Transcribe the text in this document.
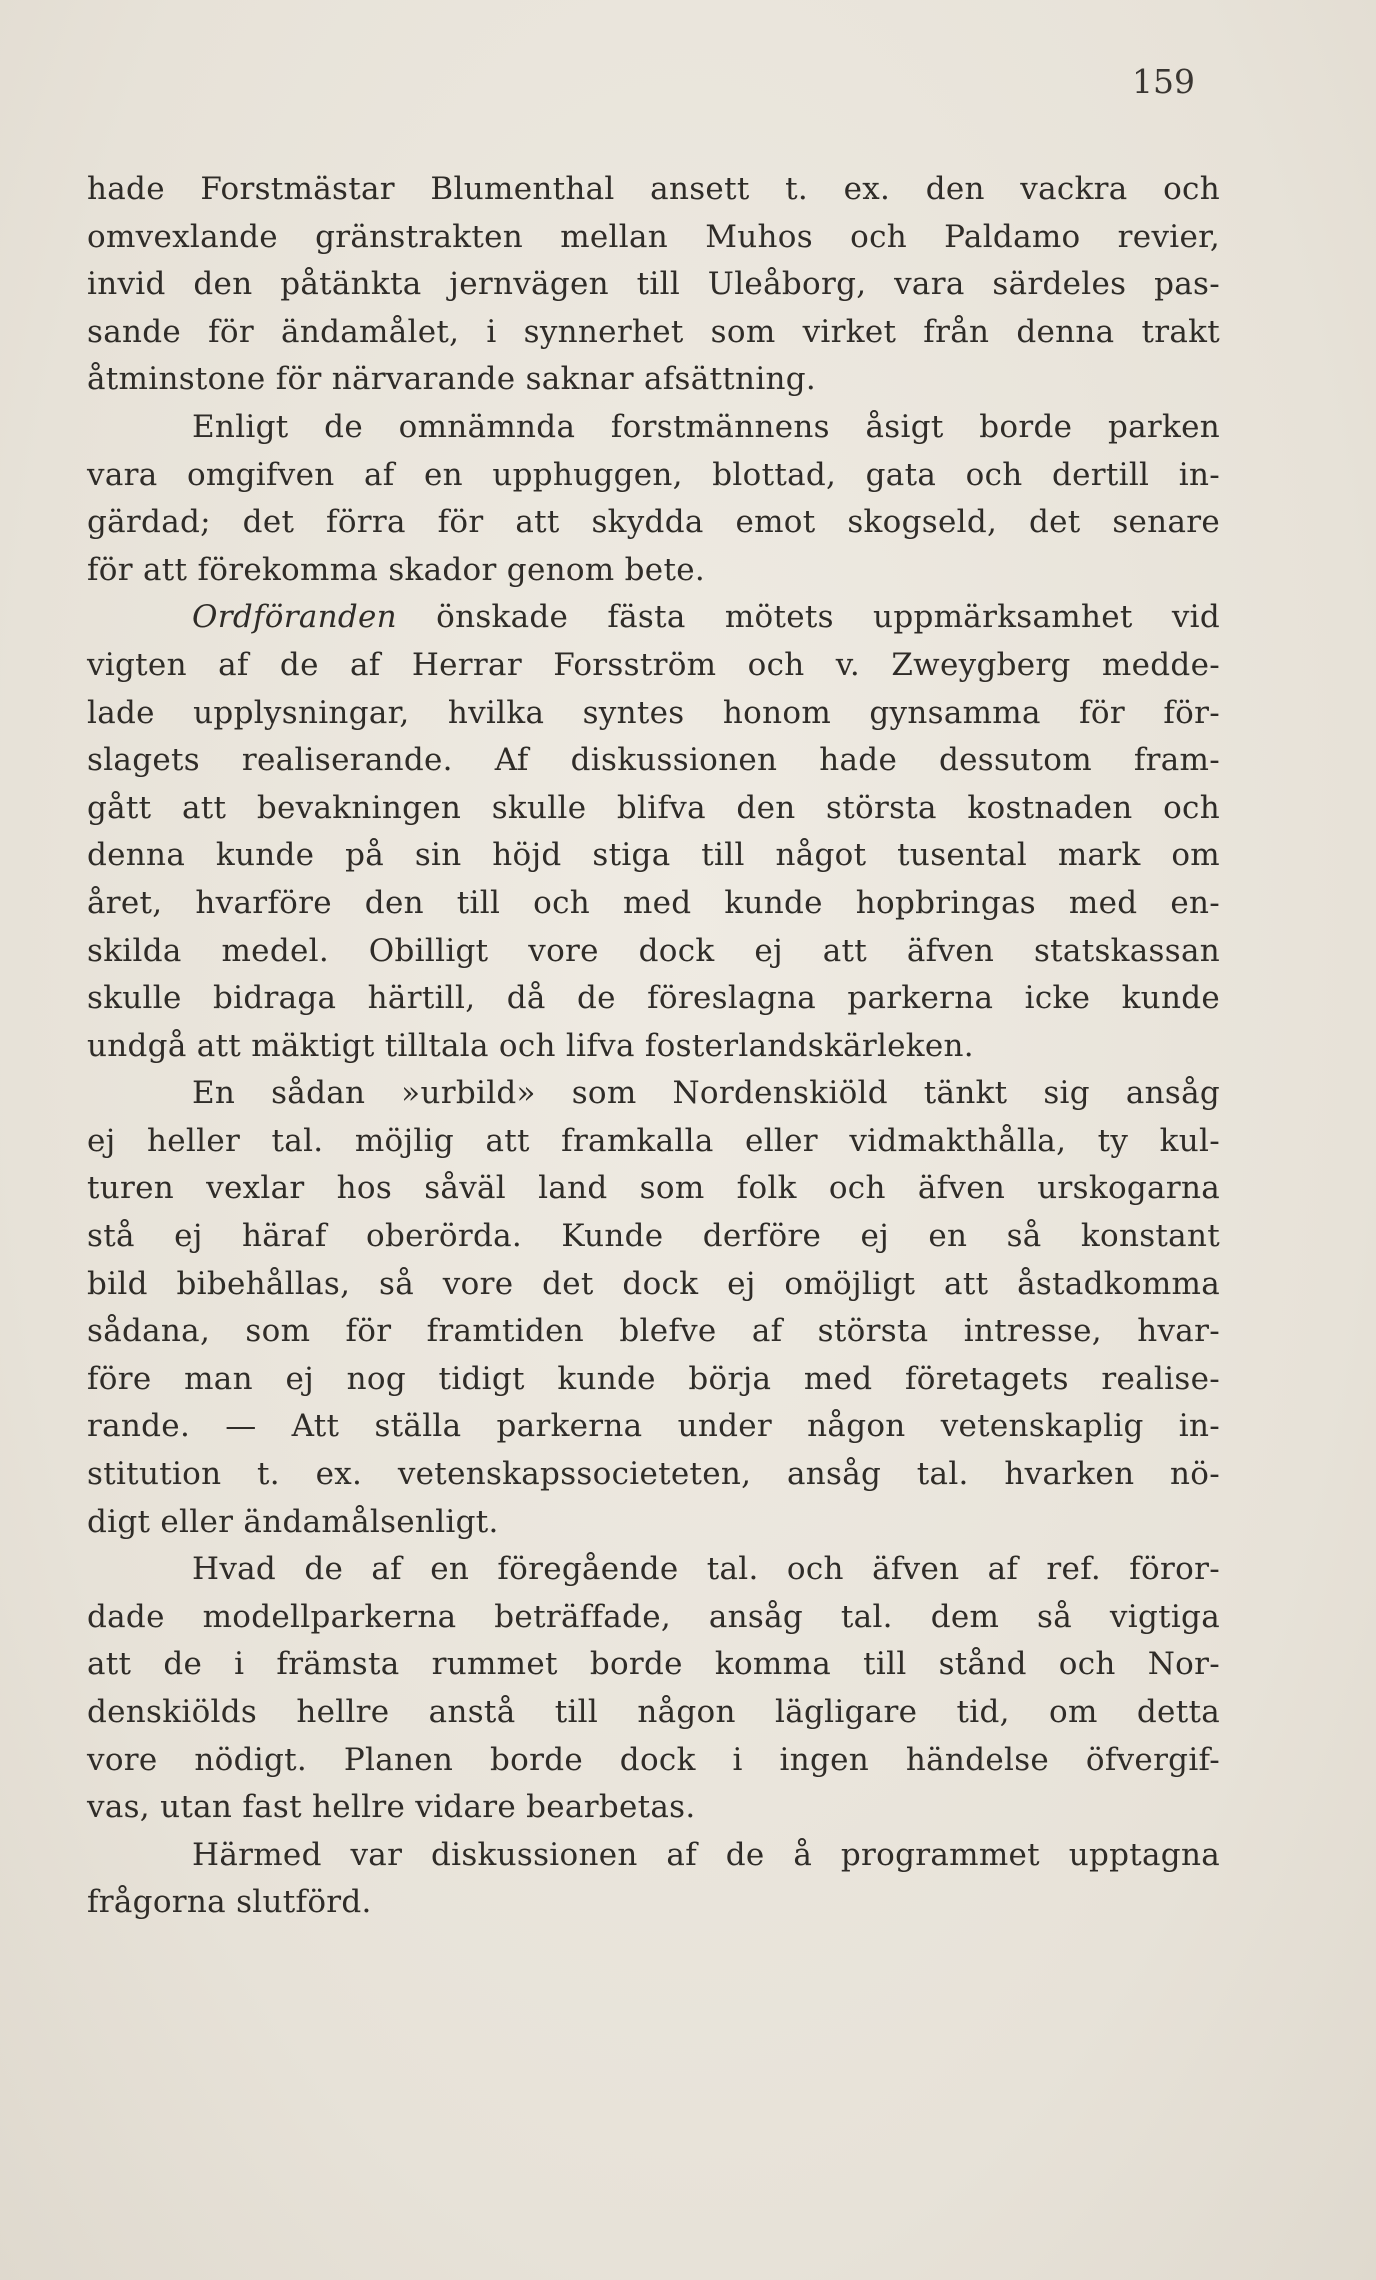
159
hade Forstmästar Blumenthal ansett t. ex. den vackra och
omvexlande gränstrakten mellan Muhos och Paldamo revier,
invid den påtänkta jernvägen till Uleåborg, vara särdeles pas-
sande för ändamålet, i synnerhet som virket från denna trakt
åtminstone för närvarande saknar afsättning.
Enligt de omnämnda forstmännens åsigt borde parken
vara omgifven af en upphuggen, blottad, gata och dertill in-
gärdad; det förra för att skydda emot skogseld, det senare
för att förekomma skador genom bete.
Ordföranden önskade fästa mötets uppmärksamhet vid
vigten af de af Herrar Forsström och v. Zweygberg medde-
lade upplysningar, hvilka syntes honom gynsamma för för-
slagets realiserande. Af diskussionen hade dessutom fram-
gått att bevakningen skulle blifva den största kostnaden och
denna kunde på sin höjd stiga till något tusental mark om
året, hvarföre den till och med kunde hopbringas med en-
skilda medel. Obilligt vore dock ej att äfven statskassan
skulle bidraga härtill, då de föreslagna parkerna icke kunde
undgå att mäktigt tilltala och lifva fosterlandskärleken.
En sådan »urbild» som Nordenskiöld tänkt sig ansåg
ej heller tal. möjlig att framkalla eller vidmakthålla, ty kul-
turen vexlar hos såväl land som folk och äfven urskogarna
stå ej häraf oberörda. Kunde derföre ej en så konstant
bild bibehållas, så vore det dock ej omöjligt att åstadkomma
sådana, som för framtiden blefve af största intresse, hvar-
före man ej nog tidigt kunde börja med företagets realise-
rande. — Att ställa parkerna under någon vetenskaplig in-
stitution t. ex. vetenskapssocieteten, ansåg tal. hvarken nö-
digt eller ändamålsenligt.
Hvad de af en föregående tal. och äfven af ref. föror-
dade modellparkerna beträffade, ansåg tal. dem så vigtiga
att de i främsta rummet borde komma till stånd och Nor-
denskiölds hellre anstå till någon lägligare tid, om detta
vore nödigt. Planen borde dock i ingen händelse öfvergif-
vas, utan fast hellre vidare bearbetas.
Härmed var diskussionen af de å programmet upptagna
frågorna slutförd.
